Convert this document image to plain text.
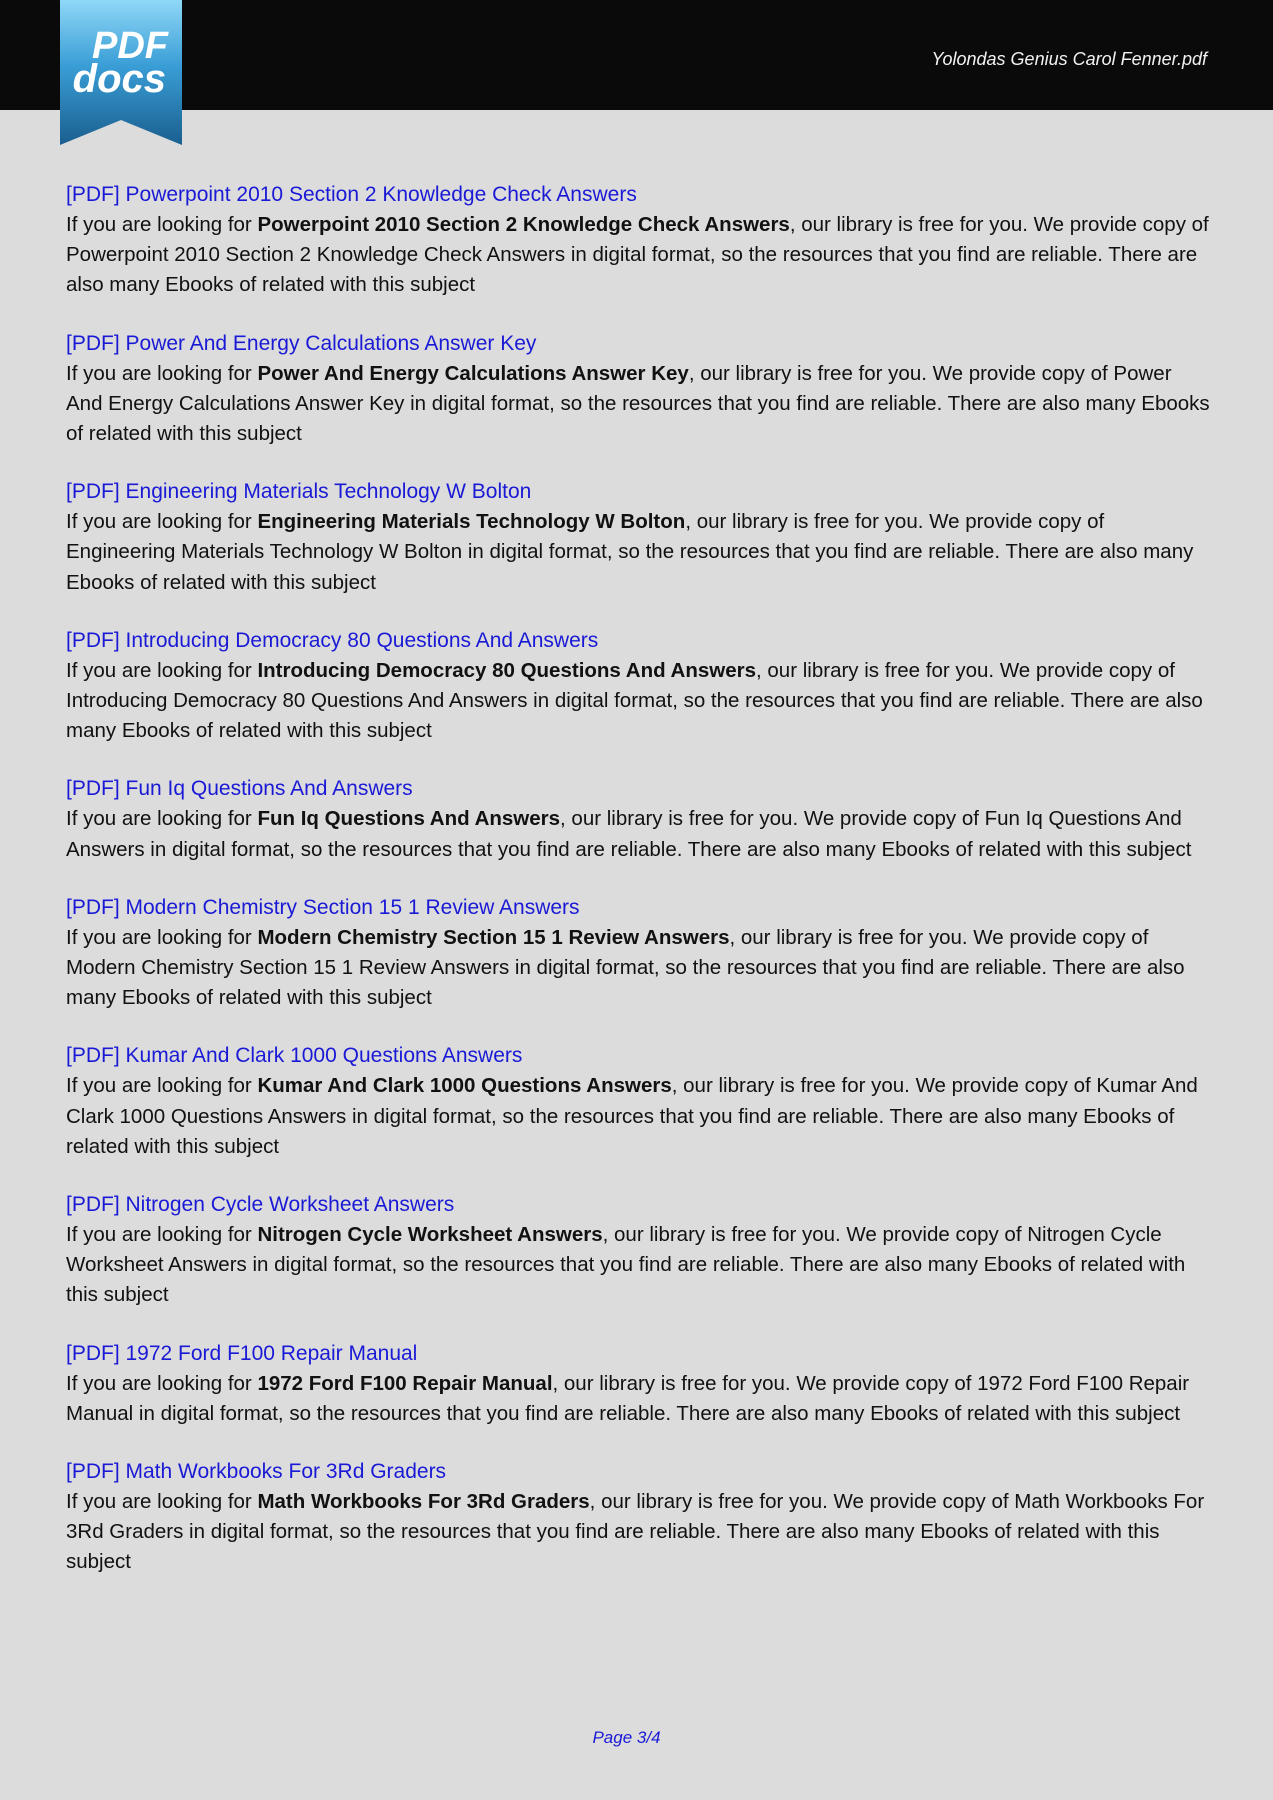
PDF
docs	Yolondas Genius Carol Fenner.pdf
[PDF] Powerpoint 2010 Section 2 Knowledge Check Answers

If you are looking for Powerpoint 2010 Section 2 Knowledge Check Answers, our library is free for you. We provide copy of Powerpoint 2010 Section 2 Knowledge Check Answers in digital format, so the resources that you find are reliable. There are also many Ebooks of related with this subject

[PDF] Power And Energy Calculations Answer Key

If you are looking for Power And Energy Calculations Answer Key, our library is free for you. We provide copy of Power And Energy Calculations Answer Key in digital format, so the resources that you find are reliable. There are also many Ebooks of related with this subject

[PDF] Engineering Materials Technology W Bolton

If you are looking for Engineering Materials Technology W Bolton, our library is free for you. We provide copy of Engineering Materials Technology W Bolton in digital format, so the resources that you find are reliable. There are also many Ebooks of related with this subject

[PDF] Introducing Democracy 80 Questions And Answers

If you are looking for Introducing Democracy 80 Questions And Answers, our library is free for you. We provide copy of Introducing Democracy 80 Questions And Answers in digital format, so the resources that you find are reliable. There are also many Ebooks of related with this subject

[PDF] Fun Iq Questions And Answers

If you are looking for Fun Iq Questions And Answers, our library is free for you. We provide copy of Fun Iq Questions And Answers in digital format, so the resources that you find are reliable. There are also many Ebooks of related with this subject

[PDF] Modern Chemistry Section 15 1 Review Answers

If you are looking for Modern Chemistry Section 15 1 Review Answers, our library is free for you. We provide copy of Modern Chemistry Section 15 1 Review Answers in digital format, so the resources that you find are reliable. There are also many Ebooks of related with this subject

[PDF] Kumar And Clark 1000 Questions Answers

If you are looking for Kumar And Clark 1000 Questions Answers, our library is free for you. We provide copy of Kumar And Clark 1000 Questions Answers in digital format, so the resources that you find are reliable. There are also many Ebooks of related with this subject

[PDF] Nitrogen Cycle Worksheet Answers

If you are looking for Nitrogen Cycle Worksheet Answers, our library is free for you. We provide copy of Nitrogen Cycle Worksheet Answers in digital format, so the resources that you find are reliable. There are also many Ebooks of related with this subject

[PDF] 1972 Ford F100 Repair Manual

If you are looking for 1972 Ford F100 Repair Manual, our library is free for you. We provide copy of 1972 Ford F100 Repair Manual in digital format, so the resources that you find are reliable. There are also many Ebooks of related with this subject

[PDF] Math Workbooks For 3Rd Graders

If you are looking for Math Workbooks For 3Rd Graders, our library is free for you. We provide copy of Math Workbooks For 3Rd Graders in digital format, so the resources that you find are reliable. There are also many Ebooks of related with this subject

Page 3/4
